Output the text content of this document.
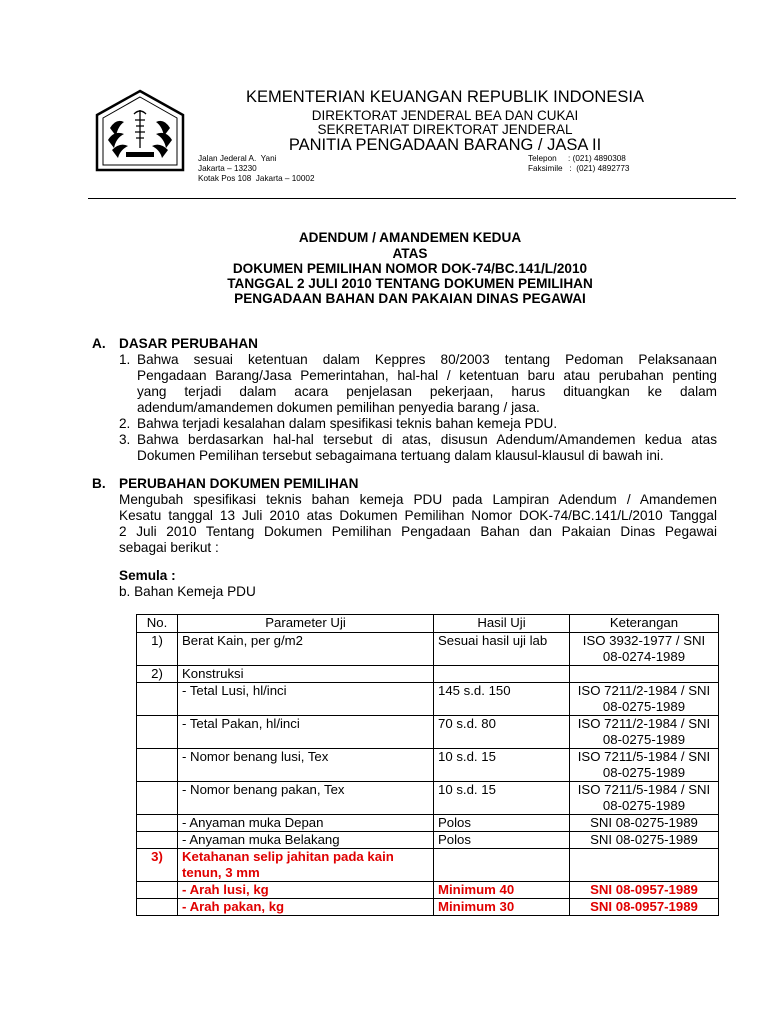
KEMENTERIAN KEUANGAN REPUBLIK INDONESIA
DIREKTORAT JENDERAL BEA DAN CUKAI
SEKRETARIAT DIREKTORAT JENDERAL
PANITIA PENGADAAN BARANG / JASA II
Jalan Jederal A.  Yani
Jakarta – 13230
Kotak Pos 108  Jakarta – 10002
Telepon     : (021) 4890308
Faksimile   :  (021) 4892773
ADENDUM / AMANDEMEN KEDUA
ATAS
DOKUMEN PEMILIHAN NOMOR DOK-74/BC.141/L/2010
TANGGAL 2 JULI 2010 TENTANG DOKUMEN PEMILIHAN
PENGADAAN BAHAN DAN PAKAIAN DINAS PEGAWAI
A. DASAR PERUBAHAN
1. Bahwa sesuai ketentuan dalam Keppres 80/2003 tentang Pedoman Pelaksanaan
Pengadaan Barang/Jasa Pemerintahan, hal-hal / ketentuan baru atau perubahan penting
yang terjadi dalam acara penjelasan pekerjaan, harus dituangkan ke dalam
adendum/amandemen dokumen pemilihan penyedia barang / jasa.
2. Bahwa terjadi kesalahan dalam spesifikasi teknis bahan kemeja PDU.
3. Bahwa berdasarkan hal-hal tersebut di atas, disusun Adendum/Amandemen kedua atas
Dokumen Pemilihan tersebut sebagaimana tertuang dalam klausul-klausul di bawah ini.
B. PERUBAHAN DOKUMEN PEMILIHAN
Mengubah spesifikasi teknis bahan kemeja PDU pada Lampiran Adendum / Amandemen
Kesatu tanggal 13 Juli 2010 atas Dokumen Pemilihan Nomor DOK-74/BC.141/L/2010 Tanggal
2 Juli 2010 Tentang Dokumen Pemilihan Pengadaan Bahan dan Pakaian Dinas Pegawai
sebagai berikut :
Semula :
b. Bahan Kemeja PDU
No.	Parameter Uji	Hasil Uji	Keterangan
1)	Berat Kain, per g/m2	Sesuai hasil uji lab	ISO 3932-1977 / SNI 08-0274-1989
2)	Konstruksi		
	- Tetal Lusi, hl/inci	145 s.d. 150	ISO 7211/2-1984 / SNI 08-0275-1989
	- Tetal Pakan, hl/inci	70 s.d. 80	ISO 7211/2-1984 / SNI 08-0275-1989
	- Nomor benang lusi, Tex	10 s.d. 15	ISO 7211/5-1984 / SNI 08-0275-1989
	- Nomor benang pakan, Tex	10 s.d. 15	ISO 7211/5-1984 / SNI 08-0275-1989
	- Anyaman muka Depan	Polos	SNI 08-0275-1989
	- Anyaman muka Belakang	Polos	SNI 08-0275-1989
3)	Ketahanan selip jahitan pada kain tenun, 3 mm		
	- Arah lusi, kg	Minimum 40	SNI 08-0957-1989
	- Arah pakan, kg	Minimum 30	SNI 08-0957-1989
